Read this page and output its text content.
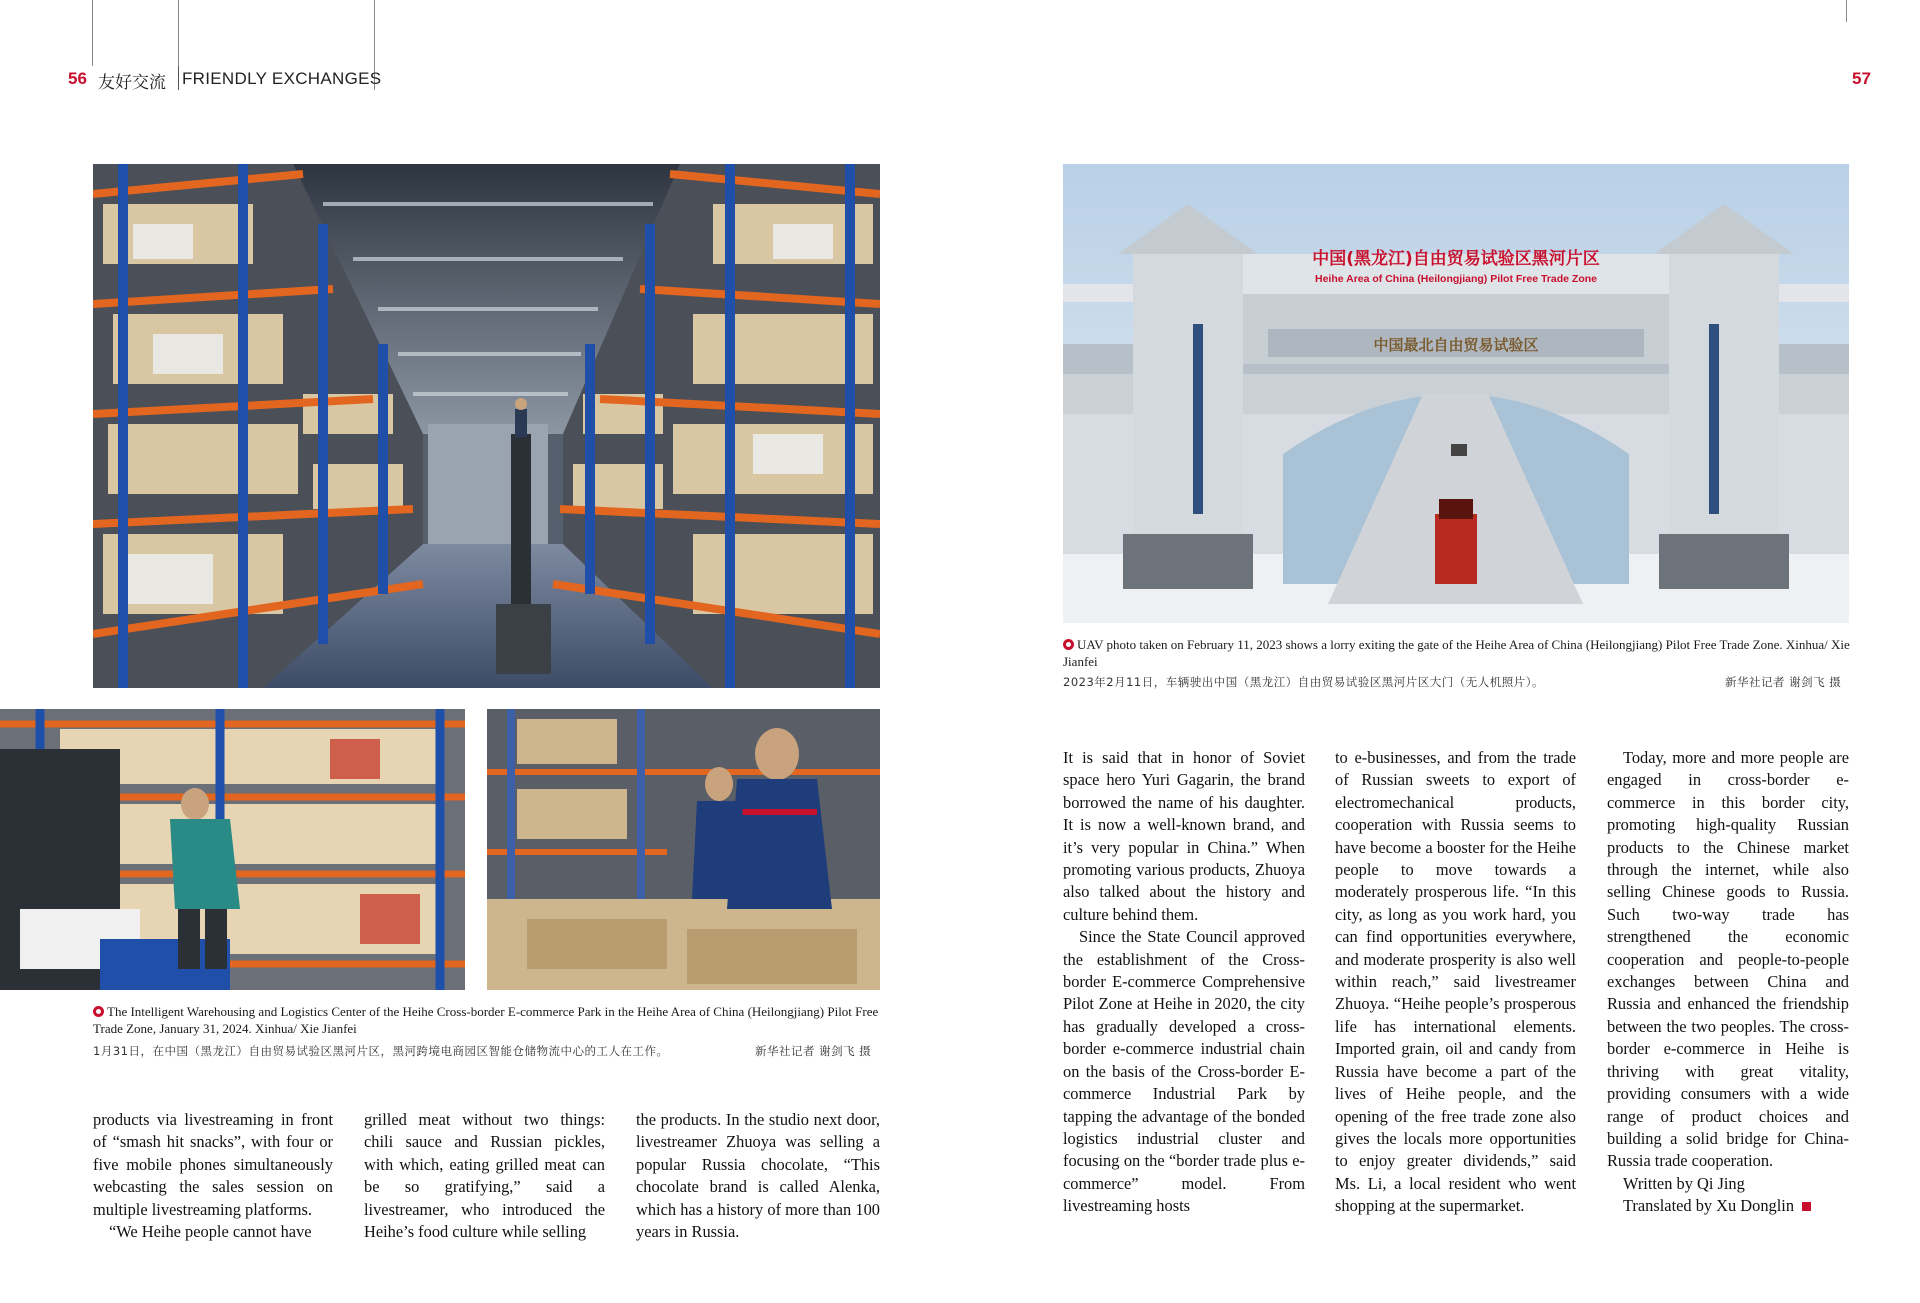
56 友好交流 FRIENDLY EXCHANGES	57
The Intelligent Warehousing and Logistics Center of the Heihe Cross-border E-commerce Park in the Heihe Area of China (Heilongjiang) Pilot Free Trade Zone, January 31, 2024. Xinhua/ Xie Jianfei
1月31日，在中国（黑龙江）自由贸易试验区黑河片区，黑河跨境电商园区智能仓储物流中心的工人在工作。	新华社记者 谢剑飞 摄

products via livestreaming in front of “smash hit snacks”, with four or five mobile phones simultaneously webcasting the sales session on multiple livestreaming platforms.

“We Heihe people cannot have

grilled meat without two things: chili sauce and Russian pickles, with which, eating grilled meat can be so gratifying,” said a livestreamer, who introduced the Heihe’s food culture while selling

the products. In the studio next door, livestreamer Zhuoya was selling a popular Russia chocolate, “This chocolate brand is called Alenka, which has a history of more than 100 years in Russia.

中国(黑龙江)自由贸易试验区黑河片区
Heihe Area of China (Heilongjiang) Pilot Free Trade Zone
中国最北自由贸易试验区
UAV photo taken on February 11, 2023 shows a lorry exiting the gate of the Heihe Area of China (Heilongjiang) Pilot Free Trade Zone. Xinhua/ Xie Jianfei
2023年2月11日，车辆驶出中国（黑龙江）自由贸易试验区黑河片区大门（无人机照片）。	新华社记者 谢剑飞 摄

It is said that in honor of Soviet space hero Yuri Gagarin, the brand borrowed the name of his daughter. It is now a well-known brand, and it’s very popular in China.” When promoting various products, Zhuoya also talked about the history and culture behind them.

Since the State Council approved the establishment of the Cross-border E-commerce Comprehensive Pilot Zone at Heihe in 2020, the city has gradually developed a cross-border e-commerce industrial chain on the basis of the Cross-border E-commerce Industrial Park by tapping the advantage of the bonded logistics industrial cluster and focusing on the “border trade plus e-commerce” model. From livestreaming hosts

to e-businesses, and from the trade of Russian sweets to export of electromechanical products, cooperation with Russia seems to have become a booster for the Heihe people to move towards a moderately prosperous life. “In this city, as long as you work hard, you can find opportunities everywhere, and moderate prosperity is also well within reach,” said livestreamer Zhuoya. “Heihe people’s prosperous life has international elements. Imported grain, oil and candy from Russia have become a part of the lives of Heihe people, and the opening of the free trade zone also gives the locals more opportunities to enjoy greater dividends,” said Ms. Li, a local resident who went shopping at the supermarket.

Today, more and more people are engaged in cross-border e-commerce in this border city, promoting high-quality Russian products to the Chinese market through the internet, while also selling Chinese goods to Russia. Such two-way trade has strengthened the economic cooperation and people-to-people exchanges between China and Russia and enhanced the friendship between the two peoples. The cross-border e-commerce in Heihe is thriving with great vitality, providing consumers with a wide range of product choices and building a solid bridge for China-Russia trade cooperation.

Written by Qi Jing

Translated by Xu Donglin
